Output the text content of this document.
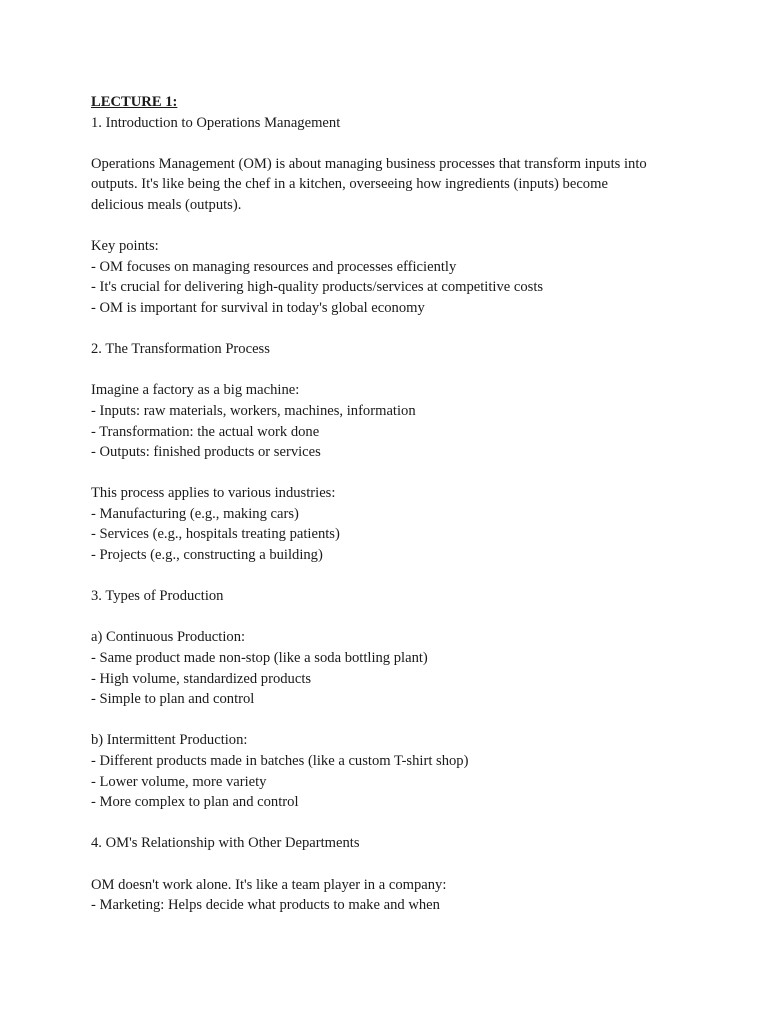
LECTURE 1:
1. Introduction to Operations Management
Operations Management (OM) is about managing business processes that transform inputs into
outputs. It's like being the chef in a kitchen, overseeing how ingredients (inputs) become
delicious meals (outputs).
Key points:
- OM focuses on managing resources and processes efficiently
- It's crucial for delivering high-quality products/services at competitive costs
- OM is important for survival in today's global economy
2. The Transformation Process
Imagine a factory as a big machine:
- Inputs: raw materials, workers, machines, information
- Transformation: the actual work done
- Outputs: finished products or services
This process applies to various industries:
- Manufacturing (e.g., making cars)
- Services (e.g., hospitals treating patients)
- Projects (e.g., constructing a building)
3. Types of Production
a) Continuous Production:
- Same product made non-stop (like a soda bottling plant)
- High volume, standardized products
- Simple to plan and control
b) Intermittent Production:
- Different products made in batches (like a custom T-shirt shop)
- Lower volume, more variety
- More complex to plan and control
4. OM's Relationship with Other Departments
OM doesn't work alone. It's like a team player in a company:
- Marketing: Helps decide what products to make and when
